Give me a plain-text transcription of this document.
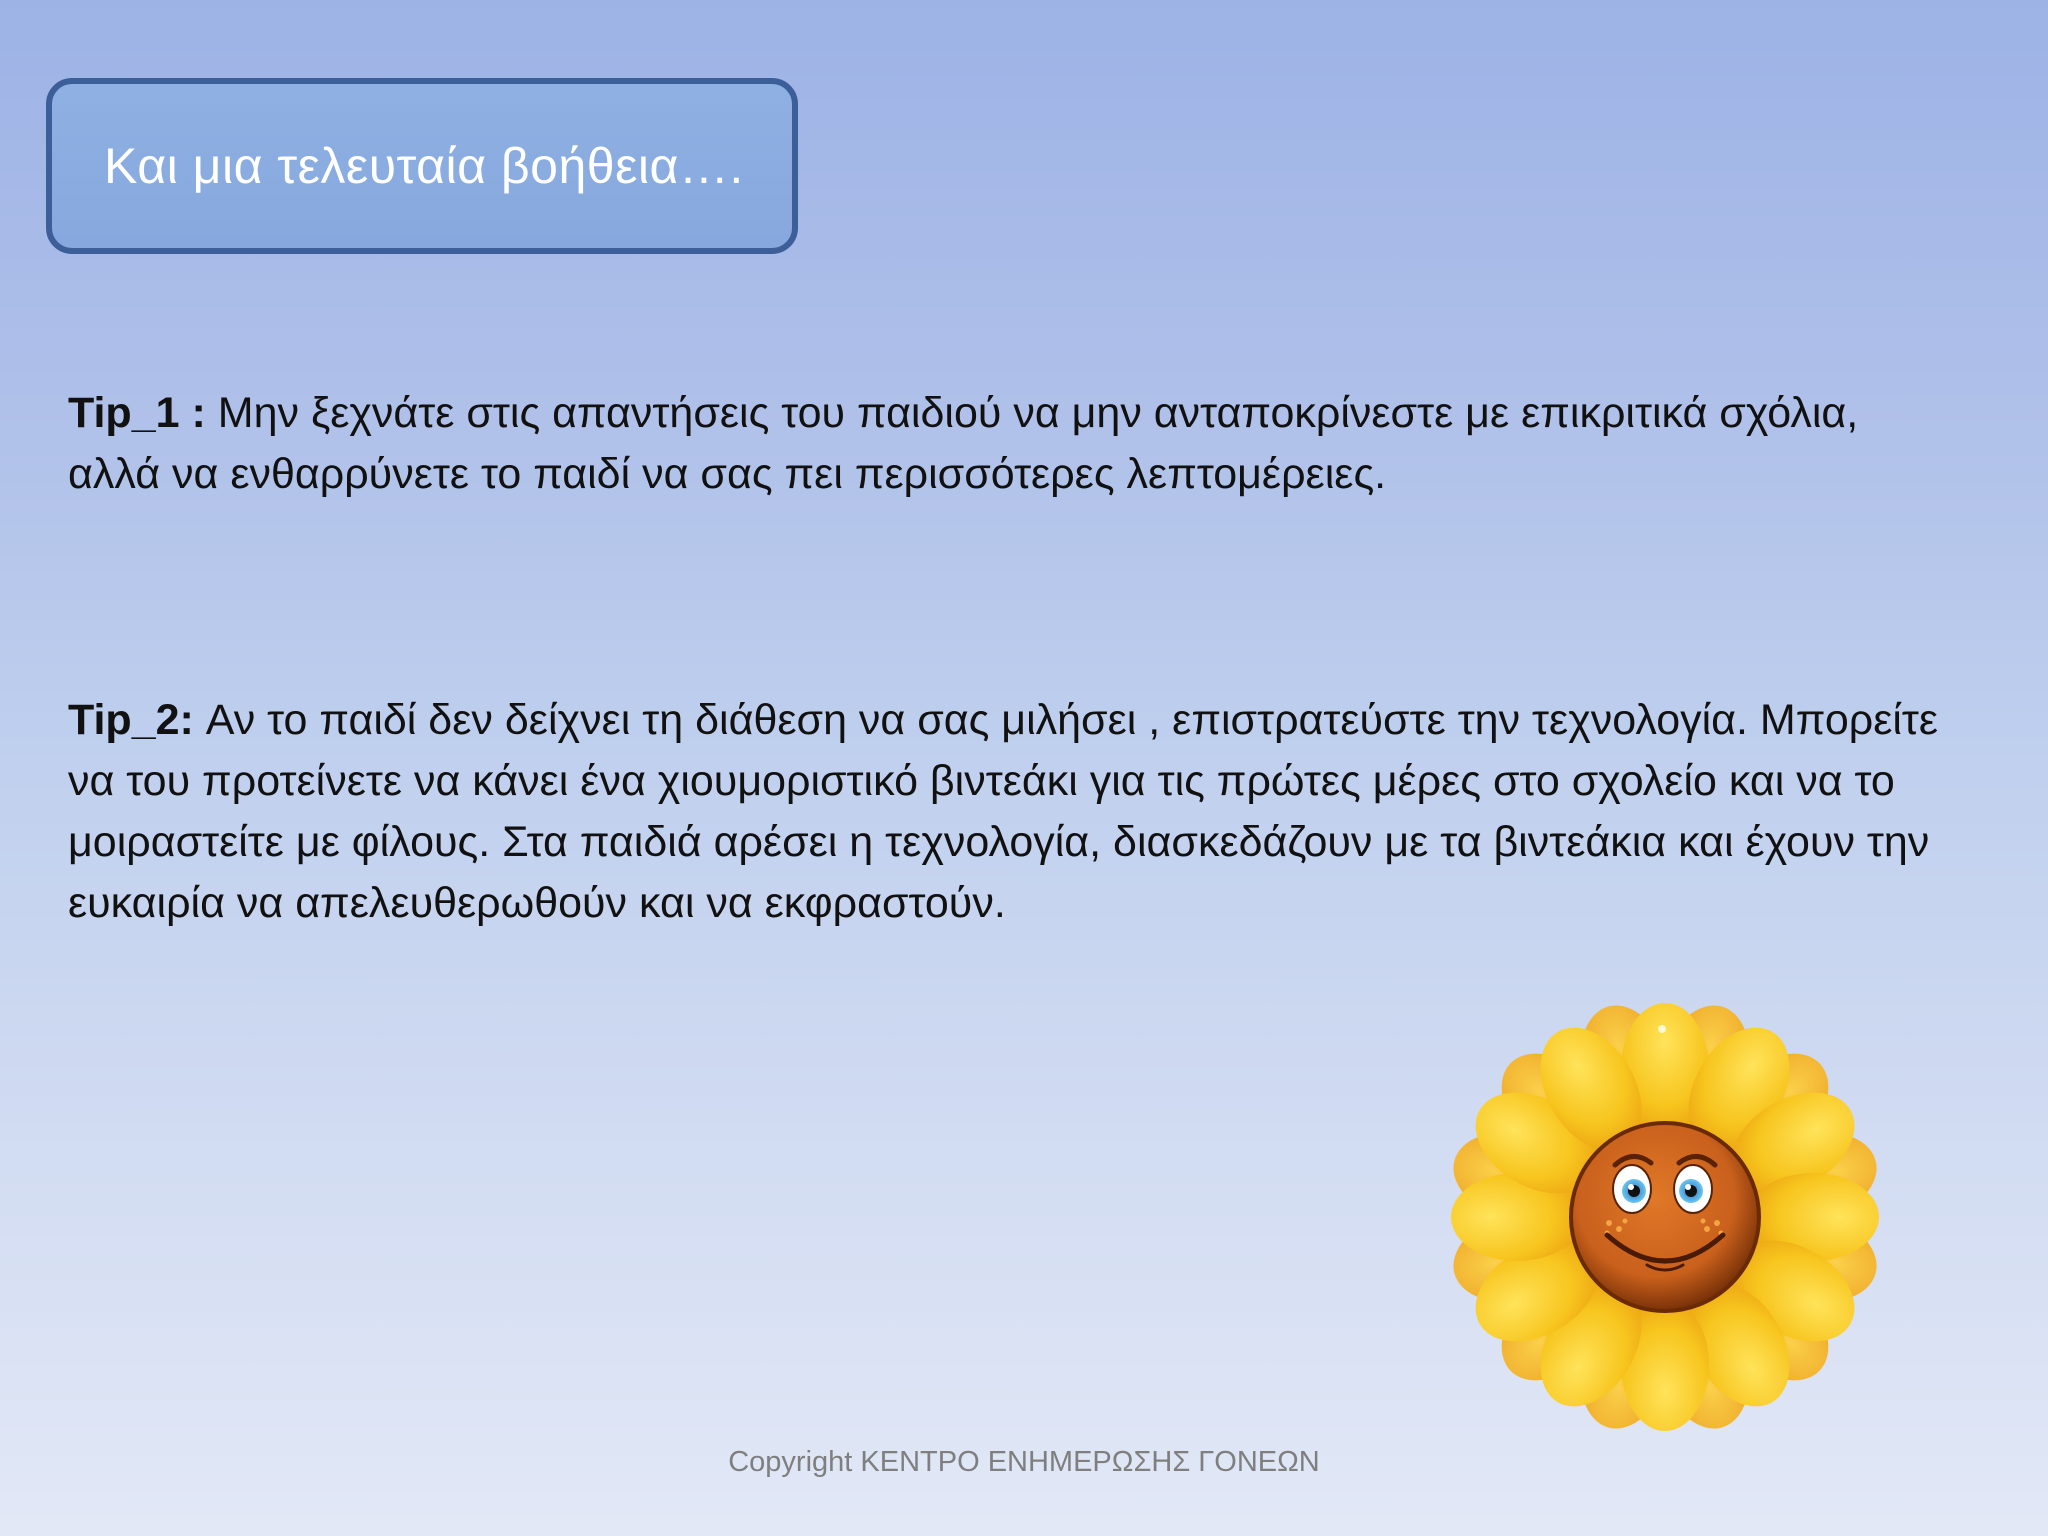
Και μια τελευταία βοήθεια….
Tip_1 : Μην ξεχνάτε στις απαντήσεις του παιδιού να μην ανταποκρίνεστε με επικριτικά σχόλια, αλλά να ενθαρρύνετε το παιδί να σας πει περισσότερες λεπτομέρειες.
Tip_2: Αν το παιδί δεν δείχνει τη διάθεση να σας μιλήσει , επιστρατεύστε την τεχνολογία. Μπορείτε να του προτείνετε να κάνει ένα χιουμοριστικό βιντεάκι για τις πρώτες μέρες στο σχολείο και να το μοιραστείτε με φίλους. Στα παιδιά αρέσει η τεχνολογία, διασκεδάζουν με τα βιντεάκια και έχουν την ευκαιρία να απελευθερωθούν και να εκφραστούν.
Copyright ΚΕΝΤΡΟ ΕΝΗΜΕΡΩΣΗΣ ΓΟΝΕΩΝ
